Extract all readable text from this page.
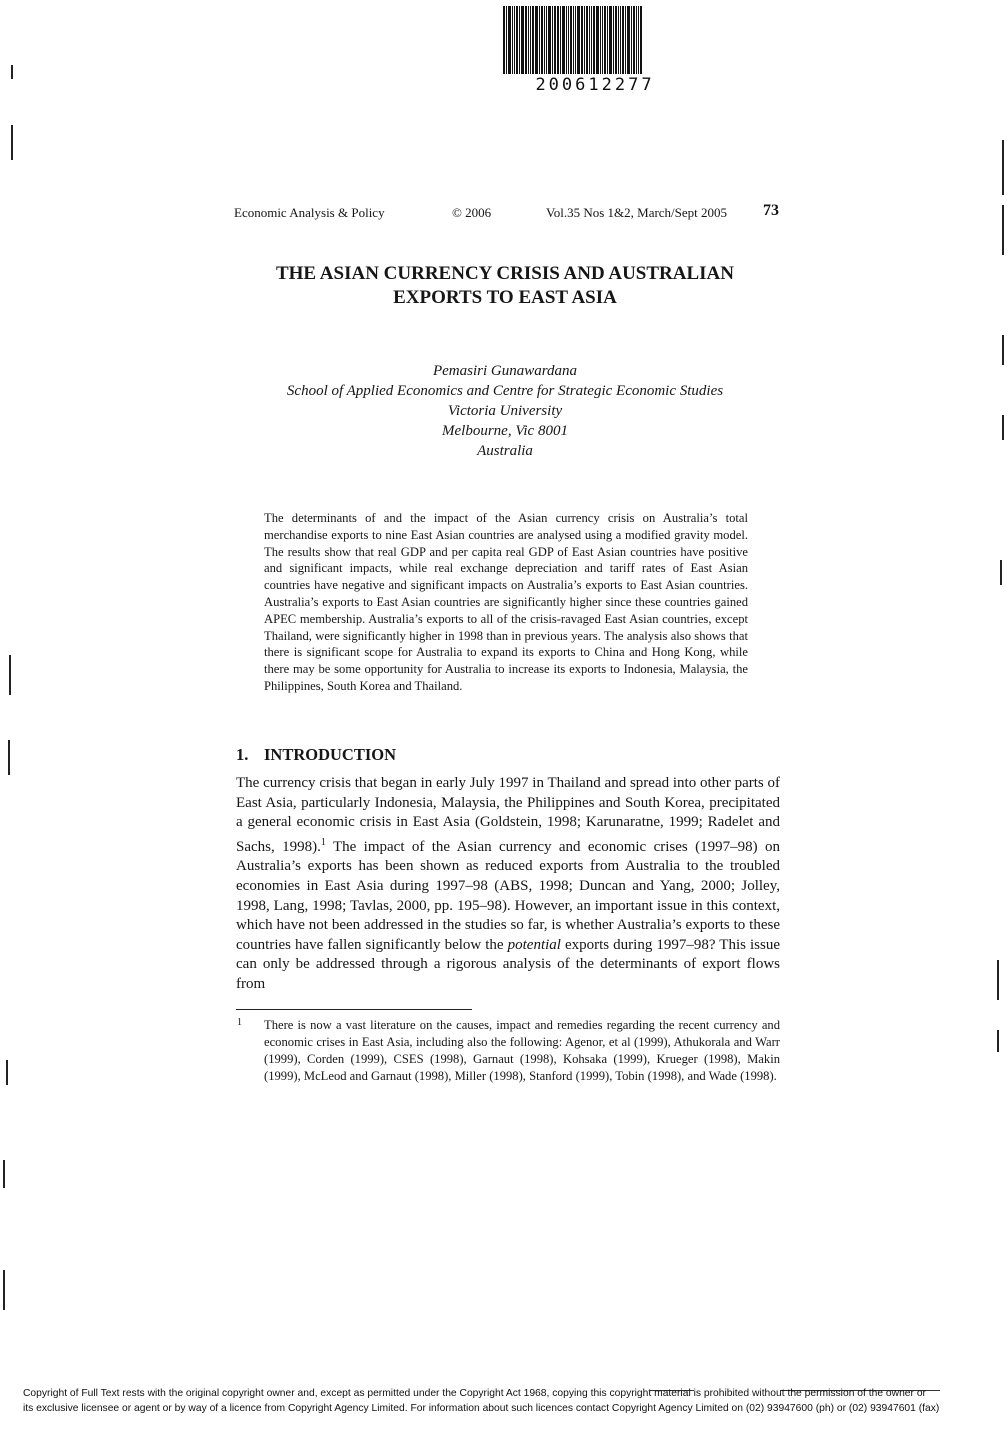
200612277
Economic Analysis & Policy	© 2006	Vol.35 Nos 1&2, March/Sept 2005 73
THE ASIAN CURRENCY CRISIS AND AUSTRALIAN
EXPORTS TO EAST ASIA
Pemasiri Gunawardana
School of Applied Economics and Centre for Strategic Economic Studies
Victoria University
Melbourne, Vic 8001
Australia
The determinants of and the impact of the Asian currency crisis on Australia’s total merchandise exports to nine East Asian countries are analysed using a modified gravity model. The results show that real GDP and per capita real GDP of East Asian countries have positive and significant impacts, while real exchange depreciation and tariff rates of East Asian countries have negative and significant impacts on Australia’s exports to East Asian countries. Australia’s exports to East Asian countries are significantly higher since these countries gained APEC membership. Australia’s exports to all of the crisis-ravaged East Asian countries, except Thailand, were significantly higher in 1998 than in previous years. The analysis also shows that there is significant scope for Australia to expand its exports to China and Hong Kong, while there may be some opportunity for Australia to increase its exports to Indonesia, Malaysia, the Philippines, South Korea and Thailand.
1. INTRODUCTION
The currency crisis that began in early July 1997 in Thailand and spread into other parts of East Asia, particularly Indonesia, Malaysia, the Philippines and South Korea, precipitated a general economic crisis in East Asia (Goldstein, 1998; Karunaratne, 1999; Radelet and Sachs, 1998).$^1$ The impact of the Asian currency and economic crises (1997–98) on Australia’s exports has been shown as reduced exports from Australia to the troubled economies in East Asia during 1997–98 (ABS, 1998; Duncan and Yang, 2000; Jolley, 1998, Lang, 1998; Tavlas, 2000, pp. 195–98). However, an important issue in this context, which have not been addressed in the studies so far, is whether Australia’s exports to these countries have fallen significantly below the potential exports during 1997–98? This issue can only be addressed through a rigorous analysis of the determinants of export flows from
1 There is now a vast literature on the causes, impact and remedies regarding the recent currency and economic crises in East Asia, including also the following: Agenor, et al (1999), Athukorala and Warr (1999), Corden (1999), CSES (1998), Garnaut (1998), Kohsaka (1999), Krueger (1998), Makin (1999), McLeod and Garnaut (1998), Miller (1998), Stanford (1999), Tobin (1998), and Wade (1998).
Copyright of Full Text rests with the original copyright owner and, except as permitted under the Copyright Act 1968, copying this copyright material is prohibited without the permission of the owner or
its exclusive licensee or agent or by way of a licence from Copyright Agency Limited. For information about such licences contact Copyright Agency Limited on (02) 93947600 (ph) or (02) 93947601 (fax)
